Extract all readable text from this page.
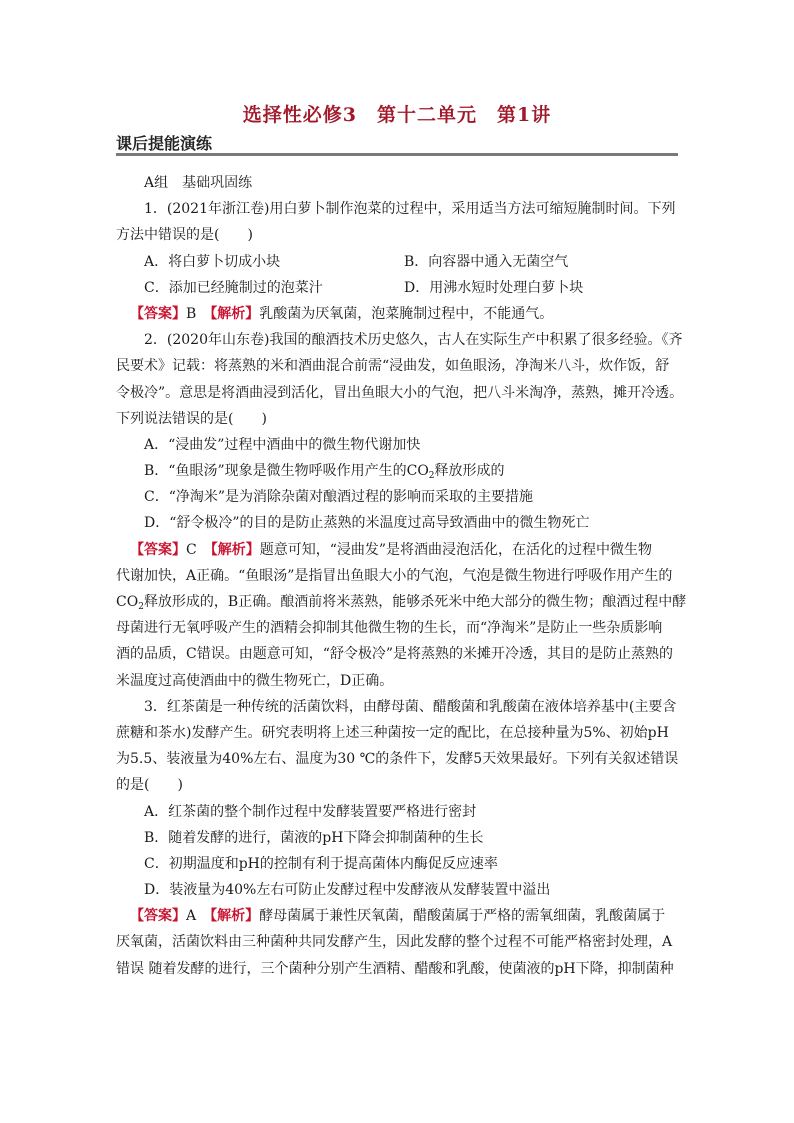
选择性必修3　第十二单元　第1讲
课后提能演练
A组　基础巩固练
1．(2021年浙江卷)用白萝卜制作泡菜的过程中，采用适当方法可缩短腌制时间。下列
方法中错误的是(　　)
A．将白萝卜切成小块	B．向容器中通入无菌空气
C．添加已经腌制过的泡菜汁	D．用沸水短时处理白萝卜块
【答案】B　 【解析】乳酸菌为厌氧菌，泡菜腌制过程中，不能通气。
2．(2020年山东卷)我国的酿酒技术历史悠久，古人在实际生产中积累了很多经验。《齐
民要术》记载：将蒸熟的米和酒曲混合前需“浸曲发，如鱼眼汤，净淘米八斗，炊作饭，舒
令极冷”。意思是将酒曲浸到活化，冒出鱼眼大小的气泡，把八斗米淘净，蒸熟，摊开冷透。
下列说法错误的是(　　)
A．“浸曲发”过程中酒曲中的微生物代谢加快
B．“鱼眼汤”现象是微生物呼吸作用产生的$CO_2$释放形成的
C．“净淘米”是为消除杂菌对酿酒过程的影响而采取的主要措施
D．“舒令极冷”的目的是防止蒸熟的米温度过高导致酒曲中的微生物死亡
【答案】C　 【解析】题意可知，“浸曲发”是将酒曲浸泡活化，在活化的过程中微生物
代谢加快，A正确。“鱼眼汤”是指冒出鱼眼大小的气泡，气泡是微生物进行呼吸作用产生的
$CO_2$释放形成的，B正确。酿酒前将米蒸熟，能够杀死米中绝大部分的微生物；酿酒过程中酵
母菌进行无氧呼吸产生的酒精会抑制其他微生物的生长，而“净淘米”是防止一些杂质影响
酒的品质，C错误。由题意可知，“舒令极冷”是将蒸熟的米摊开冷透，其目的是防止蒸熟的
米温度过高使酒曲中的微生物死亡，D正确。
3．红茶菌是一种传统的活菌饮料，由酵母菌、醋酸菌和乳酸菌在液体培养基中(主要含
蔗糖和茶水)发酵产生。研究表明将上述三种菌按一定的配比，在总接种量为5%、初始pH
为5.5、装液量为40%左右、温度为30 ℃的条件下，发酵5天效果最好。下列有关叙述错误
的是(　　)
A．红茶菌的整个制作过程中发酵装置要严格进行密封
B．随着发酵的进行，菌液的pH下降会抑制菌种的生长
C．初期温度和pH的控制有利于提高菌体内酶促反应速率
D．装液量为40%左右可防止发酵过程中发酵液从发酵装置中溢出
【答案】A　 【解析】酵母菌属于兼性厌氧菌，醋酸菌属于严格的需氧细菌，乳酸菌属于
厌氧菌，活菌饮料由三种菌种共同发酵产生，因此发酵的整个过程不可能严格密封处理，A
错误 随着发酵的进行，三个菌种分别产生酒精、醋酸和乳酸，使菌液的pH下降，抑制菌种
